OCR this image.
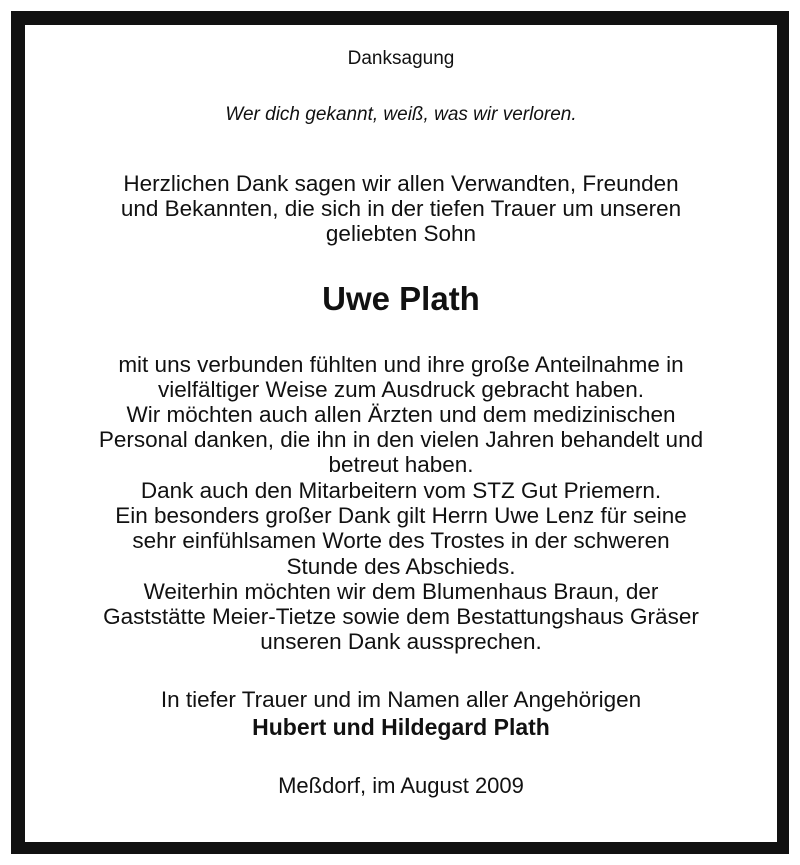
Danksagung
Wer dich gekannt, weiß, was wir verloren.
Herzlichen Dank sagen wir allen Verwandten, Freunden
und Bekannten, die sich in der tiefen Trauer um unseren
geliebten Sohn
Uwe Plath
mit uns verbunden fühlten und ihre große Anteilnahme in
vielfältiger Weise zum Ausdruck gebracht haben.
Wir möchten auch allen Ärzten und dem medizinischen
Personal danken, die ihn in den vielen Jahren behandelt und
betreut haben.
Dank auch den Mitarbeitern vom STZ Gut Priemern.
Ein besonders großer Dank gilt Herrn Uwe Lenz für seine
sehr einfühlsamen Worte des Trostes in der schweren
Stunde des Abschieds.
Weiterhin möchten wir dem Blumenhaus Braun, der
Gaststätte Meier-Tietze sowie dem Bestattungshaus Gräser
unseren Dank aussprechen.
In tiefer Trauer und im Namen aller Angehörigen
Hubert und Hildegard Plath
Meßdorf, im August 2009
